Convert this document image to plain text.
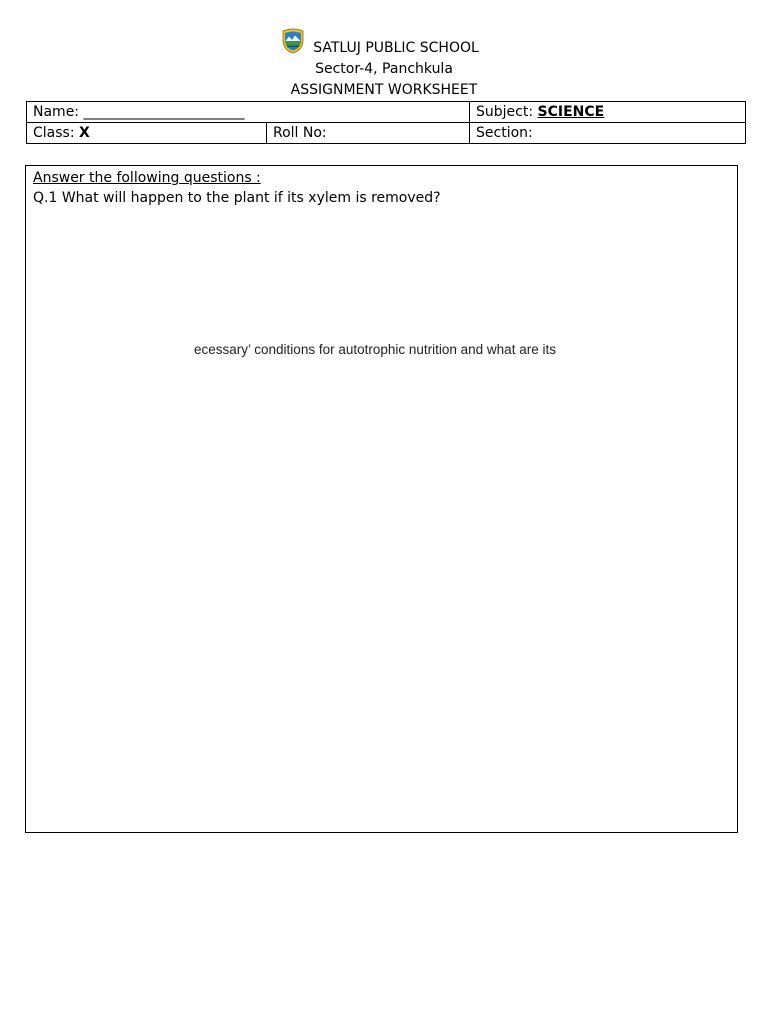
SATLUJ PUBLIC SCHOOL
Sector-4, Panchkula
ASSIGNMENT WORKSHEET
Name: _______________________		Subject: SCIENCE
Class: X	Roll No:	Section:
Answer the following questions :
Q.1 What will happen to the plant if its xylem is removed?
ecessary’ conditions for autotrophic nutrition and what are its
